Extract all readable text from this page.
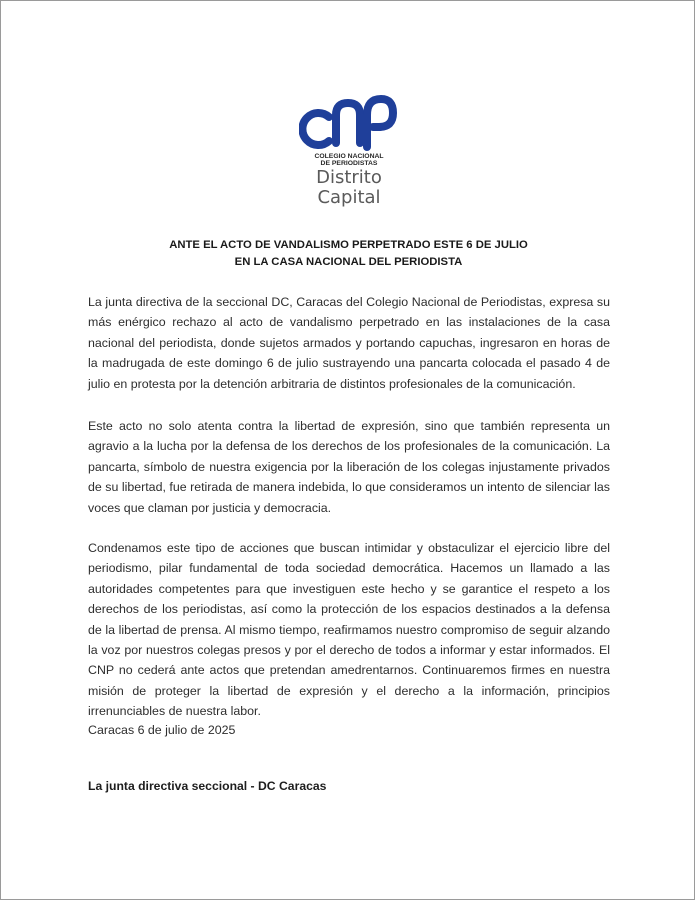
COLEGIO NACIONAL
DE PERIODISTAS
Distrito
Capital
ANTE EL ACTO DE VANDALISMO PERPETRADO ESTE 6 DE JULIO
EN LA CASA NACIONAL DEL PERIODISTA

La junta directiva de la seccional DC, Caracas del Colegio Nacional de Periodistas, expresa su más enérgico rechazo al acto de vandalismo perpetrado en las instalaciones de la casa nacional del periodista, donde sujetos armados y portando capuchas, ingresaron en horas de la madrugada de este domingo 6 de julio sustrayendo una pancarta colocada el pasado 4 de julio en protesta por la detención arbitraria de distintos profesionales de la comunicación.

Este acto no solo atenta contra la libertad de expresión, sino que también representa un agravio a la lucha por la defensa de los derechos de los profesionales de la comunicación. La pancarta, símbolo de nuestra exigencia por la liberación de los colegas injustamente privados de su libertad, fue retirada de manera indebida, lo que consideramos un intento de silenciar las voces que claman por justicia y democracia.

Condenamos este tipo de acciones que buscan intimidar y obstaculizar el ejercicio libre del periodismo, pilar fundamental de toda sociedad democrática. Hacemos un llamado a las autoridades competentes para que investiguen este hecho y se garantice el respeto a los derechos de los periodistas, así como la protección de los espacios destinados a la defensa de la libertad de prensa. Al mismo tiempo, reafirmamos nuestro compromiso de seguir alzando la voz por nuestros colegas presos y por el derecho de todos a informar y estar informados. El CNP no cederá ante actos que pretendan amedrentarnos. Continuaremos firmes en nuestra misión de proteger la libertad de expresión y el derecho a la información, principios irrenunciables de nuestra labor.

Caracas 6 de julio de 2025
La junta directiva seccional - DC Caracas
